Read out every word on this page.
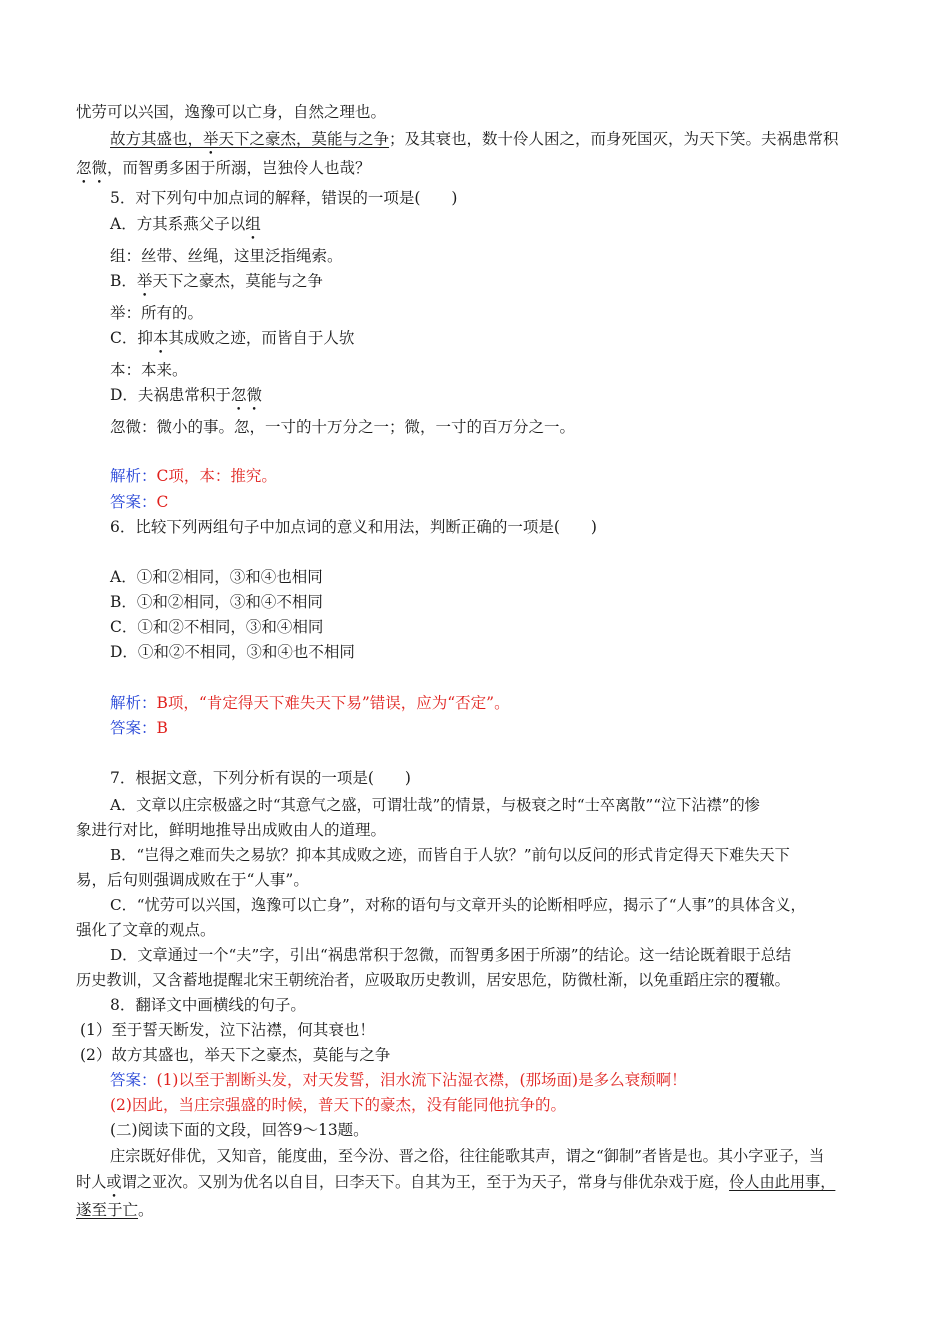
忧劳可以兴国，逸豫可以亡身，自然之理也。
故方其盛也，举天下之豪杰，莫能与之争；及其衰也，数十伶人困之，而身死国灭，为天下笑。夫祸患常积
忽微，而智勇多困于所溺，岂独伶人也哉？
5．对下列句中加点词的解释，错误的一项是(　　)
A．方其系燕父子以组
组：丝带、丝绳，这里泛指绳索。
B．举天下之豪杰，莫能与之争
举：所有的。
C．抑本其成败之迹，而皆自于人欤
本：本来。
D．夫祸患常积于忽微
忽微：微小的事。忽，一寸的十万分之一；微，一寸的百万分之一。
解析：C项，本：推究。
答案：C
6．比较下列两组句子中加点词的意义和用法，判断正确的一项是(　　)
A．①和②相同，③和④也相同
B．①和②相同，③和④不相同
C．①和②不相同，③和④相同
D．①和②不相同，③和④也不相同
解析：B项，“肯定得天下难失天下易”错误，应为“否定”。
答案：B
7．根据文意，下列分析有误的一项是(　　)
A．文章以庄宗极盛之时“其意气之盛，可谓壮哉”的情景，与极衰之时“士卒离散”“泣下沾襟”的惨
象进行对比，鲜明地推导出成败由人的道理。
B．“岂得之难而失之易欤？抑本其成败之迹，而皆自于人欤？”前句以反问的形式肯定得天下难失天下
易，后句则强调成败在于“人事”。
C．“忧劳可以兴国，逸豫可以亡身”，对称的语句与文章开头的论断相呼应，揭示了“人事”的具体含义，
强化了文章的观点。
D．文章通过一个“夫”字，引出“祸患常积于忽微，而智勇多困于所溺”的结论。这一结论既着眼于总结
历史教训，又含蓄地提醒北宋王朝统治者，应吸取历史教训，居安思危，防微杜渐，以免重蹈庄宗的覆辙。
8．翻译文中画横线的句子。
(1）至于誓天断发，泣下沾襟，何其衰也！
(2）故方其盛也，举天下之豪杰，莫能与之争
答案：(1)以至于割断头发，对天发誓，泪水流下沾湿衣襟，(那场面)是多么衰颓啊！
(2)因此，当庄宗强盛的时候，普天下的豪杰，没有能同他抗争的。
(二)阅读下面的文段，回答9～13题。
庄宗既好俳优，又知音，能度曲，至今汾、晋之俗，往往能歌其声，谓之“御制”者皆是也。其小字亚子，当
时人或谓之亚次。又别为优名以自目，曰李天下。自其为王，至于为天子，常身与俳优杂戏于庭，伶人由此用事，
遂至于亡。
